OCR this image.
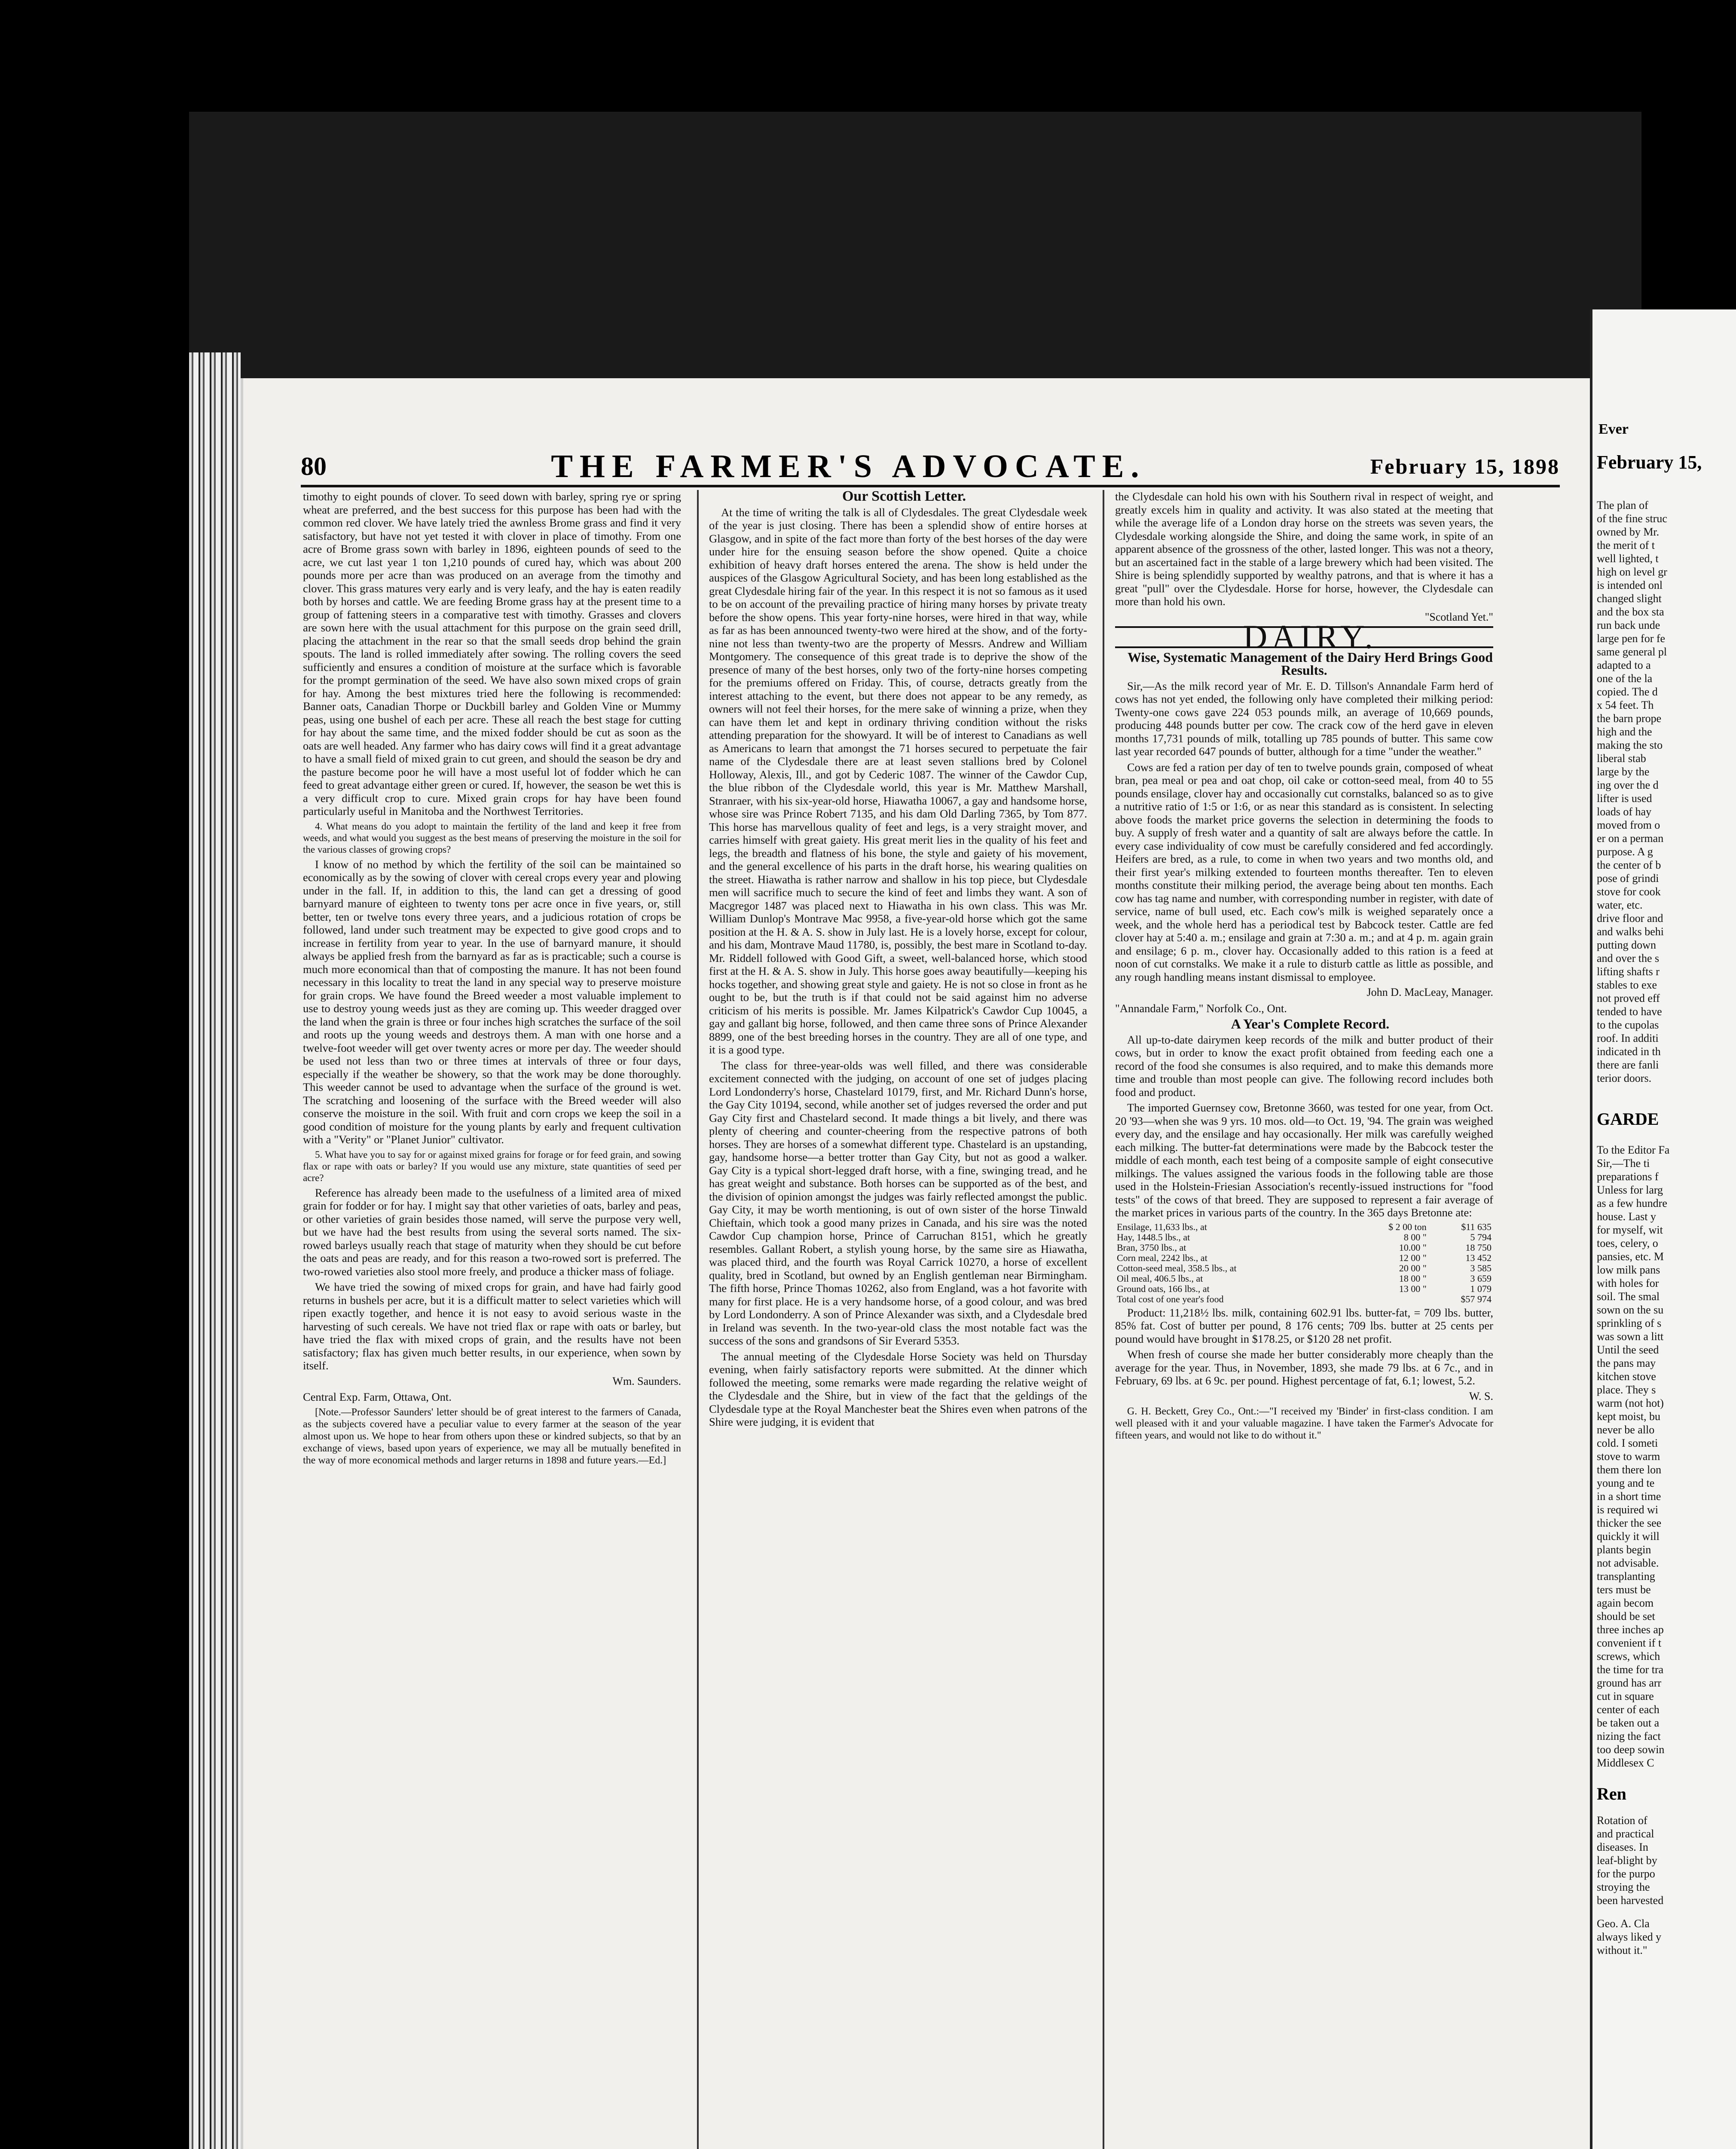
80	THE FARMER'S ADVOCATE.	February 15, 1898

timothy to eight pounds of clover. To seed down with barley, spring rye or spring wheat are preferred, and the best success for this purpose has been had with the common red clover. We have lately tried the awnless Brome grass and find it very satisfactory, but have not yet tested it with clover in place of timothy. From one acre of Brome grass sown with barley in 1896, eighteen pounds of seed to the acre, we cut last year 1 ton 1,210 pounds of cured hay, which was about 200 pounds more per acre than was produced on an average from the timothy and clover. This grass matures very early and is very leafy, and the hay is eaten readily both by horses and cattle. We are feeding Brome grass hay at the present time to a group of fattening steers in a comparative test with timothy. Grasses and clovers are sown here with the usual attachment for this purpose on the grain seed drill, placing the attachment in the rear so that the small seeds drop behind the grain spouts. The land is rolled immediately after sowing. The rolling covers the seed sufficiently and ensures a condition of moisture at the surface which is favorable for the prompt germination of the seed. We have also sown mixed crops of grain for hay. Among the best mixtures tried here the following is recommended: Banner oats, Canadian Thorpe or Duckbill barley and Golden Vine or Mummy peas, using one bushel of each per acre. These all reach the best stage for cutting for hay about the same time, and the mixed fodder should be cut as soon as the oats are well headed. Any farmer who has dairy cows will find it a great advantage to have a small field of mixed grain to cut green, and should the season be dry and the pasture become poor he will have a most useful lot of fodder which he can feed to great advantage either green or cured. If, however, the season be wet this is a very difficult crop to cure. Mixed grain crops for hay have been found particularly useful in Manitoba and the Northwest Territories.

4. What means do you adopt to maintain the fertility of the land and keep it free from weeds, and what would you suggest as the best means of preserving the moisture in the soil for the various classes of growing crops?

I know of no method by which the fertility of the soil can be maintained so economically as by the sowing of clover with cereal crops every year and plowing under in the fall. If, in addition to this, the land can get a dressing of good barnyard manure of eighteen to twenty tons per acre once in five years, or, still better, ten or twelve tons every three years, and a judicious rotation of crops be followed, land under such treatment may be expected to give good crops and to increase in fertility from year to year. In the use of barnyard manure, it should always be applied fresh from the barnyard as far as is practicable; such a course is much more economical than that of composting the manure. It has not been found necessary in this locality to treat the land in any special way to preserve moisture for grain crops. We have found the Breed weeder a most valuable implement to use to destroy young weeds just as they are coming up. This weeder dragged over the land when the grain is three or four inches high scratches the surface of the soil and roots up the young weeds and destroys them. A man with one horse and a twelve-foot weeder will get over twenty acres or more per day. The weeder should be used not less than two or three times at intervals of three or four days, especially if the weather be showery, so that the work may be done thoroughly. This weeder cannot be used to advantage when the surface of the ground is wet. The scratching and loosening of the surface with the Breed weeder will also conserve the moisture in the soil. With fruit and corn crops we keep the soil in a good condition of moisture for the young plants by early and frequent cultivation with a "Verity" or "Planet Junior" cultivator.

5. What have you to say for or against mixed grains for forage or for feed grain, and sowing flax or rape with oats or barley? If you would use any mixture, state quantities of seed per acre?

Reference has already been made to the usefulness of a limited area of mixed grain for fodder or for hay. I might say that other varieties of oats, barley and peas, or other varieties of grain besides those named, will serve the purpose very well, but we have had the best results from using the several sorts named. The six-rowed barleys usually reach that stage of maturity when they should be cut before the oats and peas are ready, and for this reason a two-rowed sort is preferred. The two-rowed varieties also stool more freely, and produce a thicker mass of foliage.

We have tried the sowing of mixed crops for grain, and have had fairly good returns in bushels per acre, but it is a difficult matter to select varieties which will ripen exactly together, and hence it is not easy to avoid serious waste in the harvesting of such cereals. We have not tried flax or rape with oats or barley, but have tried the flax with mixed crops of grain, and the results have not been satisfactory; flax has given much better results, in our experience, when sown by itself.

Wm. Saunders.

Central Exp. Farm, Ottawa, Ont.

[Note.—Professor Saunders' letter should be of great interest to the farmers of Canada, as the subjects covered have a peculiar value to every farmer at the season of the year almost upon us. We hope to hear from others upon these or kindred subjects, so that by an exchange of views, based upon years of experience, we may all be mutually benefited in the way of more economical methods and larger returns in 1898 and future years.—Ed.]

Our Scottish Letter.

At the time of writing the talk is all of Clydesdales. The great Clydesdale week of the year is just closing. There has been a splendid show of entire horses at Glasgow, and in spite of the fact more than forty of the best horses of the day were under hire for the ensuing season before the show opened. Quite a choice exhibition of heavy draft horses entered the arena. The show is held under the auspices of the Glasgow Agricultural Society, and has been long established as the great Clydesdale hiring fair of the year. In this respect it is not so famous as it used to be on account of the prevailing practice of hiring many horses by private treaty before the show opens. This year forty-nine horses, were hired in that way, while as far as has been announced twenty-two were hired at the show, and of the forty-nine not less than twenty-two are the property of Messrs. Andrew and William Montgomery. The consequence of this great trade is to deprive the show of the presence of many of the best horses, only two of the forty-nine horses competing for the premiums offered on Friday. This, of course, detracts greatly from the interest attaching to the event, but there does not appear to be any remedy, as owners will not feel their horses, for the mere sake of winning a prize, when they can have them let and kept in ordinary thriving condition without the risks attending preparation for the showyard. It will be of interest to Canadians as well as Americans to learn that amongst the 71 horses secured to perpetuate the fair name of the Clydesdale there are at least seven stallions bred by Colonel Holloway, Alexis, Ill., and got by Cederic 1087. The winner of the Cawdor Cup, the blue ribbon of the Clydesdale world, this year is Mr. Matthew Marshall, Stranraer, with his six-year-old horse, Hiawatha 10067, a gay and handsome horse, whose sire was Prince Robert 7135, and his dam Old Darling 7365, by Tom 877. This horse has marvellous quality of feet and legs, is a very straight mover, and carries himself with great gaiety. His great merit lies in the quality of his feet and legs, the breadth and flatness of his bone, the style and gaiety of his movement, and the general excellence of his parts in the draft horse, his wearing qualities on the street. Hiawatha is rather narrow and shallow in his top piece, but Clydesdale men will sacrifice much to secure the kind of feet and limbs they want. A son of Macgregor 1487 was placed next to Hiawatha in his own class. This was Mr. William Dunlop's Montrave Mac 9958, a five-year-old horse which got the same position at the H. & A. S. show in July last. He is a lovely horse, except for colour, and his dam, Montrave Maud 11780, is, possibly, the best mare in Scotland to-day. Mr. Riddell followed with Good Gift, a sweet, well-balanced horse, which stood first at the H. & A. S. show in July. This horse goes away beautifully—keeping his hocks together, and showing great style and gaiety. He is not so close in front as he ought to be, but the truth is if that could not be said against him no adverse criticism of his merits is possible. Mr. James Kilpatrick's Cawdor Cup 10045, a gay and gallant big horse, followed, and then came three sons of Prince Alexander 8899, one of the best breeding horses in the country. They are all of one type, and it is a good type.

The class for three-year-olds was well filled, and there was considerable excitement connected with the judging, on account of one set of judges placing Lord Londonderry's horse, Chastelard 10179, first, and Mr. Richard Dunn's horse, the Gay City 10194, second, while another set of judges reversed the order and put Gay City first and Chastelard second. It made things a bit lively, and there was plenty of cheering and counter-cheering from the respective patrons of both horses. They are horses of a somewhat different type. Chastelard is an upstanding, gay, handsome horse—a better trotter than Gay City, but not as good a walker. Gay City is a typical short-legged draft horse, with a fine, swinging tread, and he has great weight and substance. Both horses can be supported as of the best, and the division of opinion amongst the judges was fairly reflected amongst the public. Gay City, it may be worth mentioning, is out of own sister of the horse Tinwald Chieftain, which took a good many prizes in Canada, and his sire was the noted Cawdor Cup champion horse, Prince of Carruchan 8151, which he greatly resembles. Gallant Robert, a stylish young horse, by the same sire as Hiawatha, was placed third, and the fourth was Royal Carrick 10270, a horse of excellent quality, bred in Scotland, but owned by an English gentleman near Birmingham. The fifth horse, Prince Thomas 10262, also from England, was a hot favorite with many for first place. He is a very handsome horse, of a good colour, and was bred by Lord Londonderry. A son of Prince Alexander was sixth, and a Clydesdale bred in Ireland was seventh. In the two-year-old class the most notable fact was the success of the sons and grandsons of Sir Everard 5353.

The annual meeting of the Clydesdale Horse Society was held on Thursday evening, when fairly satisfactory reports were submitted. At the dinner which followed the meeting, some remarks were made regarding the relative weight of the Clydesdale and the Shire, but in view of the fact that the geldings of the Clydesdale type at the Royal Manchester beat the Shires even when patrons of the Shire were judging, it is evident that

the Clydesdale can hold his own with his Southern rival in respect of weight, and greatly excels him in quality and activity. It was also stated at the meeting that while the average life of a London dray horse on the streets was seven years, the Clydesdale working alongside the Shire, and doing the same work, in spite of an apparent absence of the grossness of the other, lasted longer. This was not a theory, but an ascertained fact in the stable of a large brewery which had been visited. The Shire is being splendidly supported by wealthy patrons, and that is where it has a great "pull" over the Clydesdale. Horse for horse, however, the Clydesdale can more than hold his own.

"Scotland Yet."

DAIRY.

Wise, Systematic Management of the Dairy Herd Brings Good Results.

Sir,—As the milk record year of Mr. E. D. Tillson's Annandale Farm herd of cows has not yet ended, the following only have completed their milking period: Twenty-one cows gave 224 053 pounds milk, an average of 10,669 pounds, producing 448 pounds butter per cow. The crack cow of the herd gave in eleven months 17,731 pounds of milk, totalling up 785 pounds of butter. This same cow last year recorded 647 pounds of butter, although for a time "under the weather."

Cows are fed a ration per day of ten to twelve pounds grain, composed of wheat bran, pea meal or pea and oat chop, oil cake or cotton-seed meal, from 40 to 55 pounds ensilage, clover hay and occasionally cut cornstalks, balanced so as to give a nutritive ratio of 1:5 or 1:6, or as near this standard as is consistent. In selecting above foods the market price governs the selection in determining the foods to buy. A supply of fresh water and a quantity of salt are always before the cattle. In every case individuality of cow must be carefully considered and fed accordingly. Heifers are bred, as a rule, to come in when two years and two months old, and their first year's milking extended to fourteen months thereafter. Ten to eleven months constitute their milking period, the average being about ten months. Each cow has tag name and number, with corresponding number in register, with date of service, name of bull used, etc. Each cow's milk is weighed separately once a week, and the whole herd has a periodical test by Babcock tester. Cattle are fed clover hay at 5:40 a. m.; ensilage and grain at 7:30 a. m.; and at 4 p. m. again grain and ensilage; 6 p. m., clover hay. Occasionally added to this ration is a feed at noon of cut cornstalks. We make it a rule to disturb cattle as little as possible, and any rough handling means instant dismissal to employee.

John D. MacLeay, Manager.

"Annandale Farm," Norfolk Co., Ont.

A Year's Complete Record.

All up-to-date dairymen keep records of the milk and butter product of their cows, but in order to know the exact profit obtained from feeding each one a record of the food she consumes is also required, and to make this demands more time and trouble than most people can give. The following record includes both food and product.

The imported Guernsey cow, Bretonne 3660, was tested for one year, from Oct. 20 '93—when she was 9 yrs. 10 mos. old—to Oct. 19, '94. The grain was weighed every day, and the ensilage and hay occasionally. Her milk was carefully weighed each milking. The butter-fat determinations were made by the Babcock tester the middle of each month, each test being of a composite sample of eight consecutive milkings. The values assigned the various foods in the following table are those used in the Holstein-Friesian Association's recently-issued instructions for "food tests" of the cows of that breed. They are supposed to represent a fair average of the market prices in various parts of the country. In the 365 days Bretonne ate:

Ensilage, 11,633 lbs., at	$ 2 00 ton	$11 635
Hay, 1448.5 lbs., at	8 00 "	5 794
Bran, 3750 lbs., at	10.00 "	18 750
Corn meal, 2242 lbs., at	12 00 "	13 452
Cotton-seed meal, 358.5 lbs., at	20 00 "	3 585
Oil meal, 406.5 lbs., at	18 00 "	3 659
Ground oats, 166 lbs., at	13 00 "	1 079
Total cost of one year's food		$57 974

Product: 11,218½ lbs. milk, containing 602.91 lbs. butter-fat, = 709 lbs. butter, 85% fat. Cost of butter per pound, 8 176 cents; 709 lbs. butter at 25 cents per pound would have brought in $178.25, or $120 28 net profit.

When fresh of course she made her butter considerably more cheaply than the average for the year. Thus, in November, 1893, she made 79 lbs. at 6 7c., and in February, 69 lbs. at 6 9c. per pound. Highest percentage of fat, 6.1; lowest, 5.2.

W. S.

G. H. Beckett, Grey Co., Ont.:—"I received my 'Binder' in first-class condition. I am well pleased with it and your valuable magazine. I have taken the Farmer's Advocate for fifteen years, and would not like to do without it."

February 15,
The plan of
of the fine struc
owned by Mr.
the merit of t
well lighted, t
high on level gr
is intended onl
changed slight
and the box sta
run back unde
large pen for fe
same general pl
adapted to a
one of the la
copied. The d
x 54 feet. Th
the barn prope
high and the
making the sto
liberal stab
large by the
ing over the d
lifter is used
loads of hay
moved from o
er on a perman
purpose. A g
the center of b
pose of grindi
stove for cook
water, etc.
drive floor and
and walks behi
putting down
and over the s
lifting shafts r
stables to exe
not proved eff
tended to have
to the cupolas
roof. In additi
indicated in th
there are fanli
terior doors.
GARDE
To the Editor Fa
Sir,—The ti
preparations f
Unless for larg
as a few hundre
house. Last y
for myself, wit
toes, celery, o
pansies, etc. M
low milk pans
with holes for
soil. The smal
sown on the su
sprinkling of s
was sown a litt
Until the seed
the pans may
kitchen stove
place. They s
warm (not hot)
kept moist, bu
never be allo
cold. I someti
stove to warm
them there lon
young and te
in a short time
is required wi
thicker the see
quickly it will
plants begin
not advisable.
transplanting
ters must be
again becom
should be set
three inches ap
convenient if t
screws, which
the time for tra
ground has arr
cut in square
center of each
be taken out a
nizing the fact
too deep sowin
Middlesex C
Ren
Rotation of
and practical
diseases. In
leaf-blight by
for the purpo
stroying the
been harvested
Geo. A. Cla
always liked y
without it."
Ever
